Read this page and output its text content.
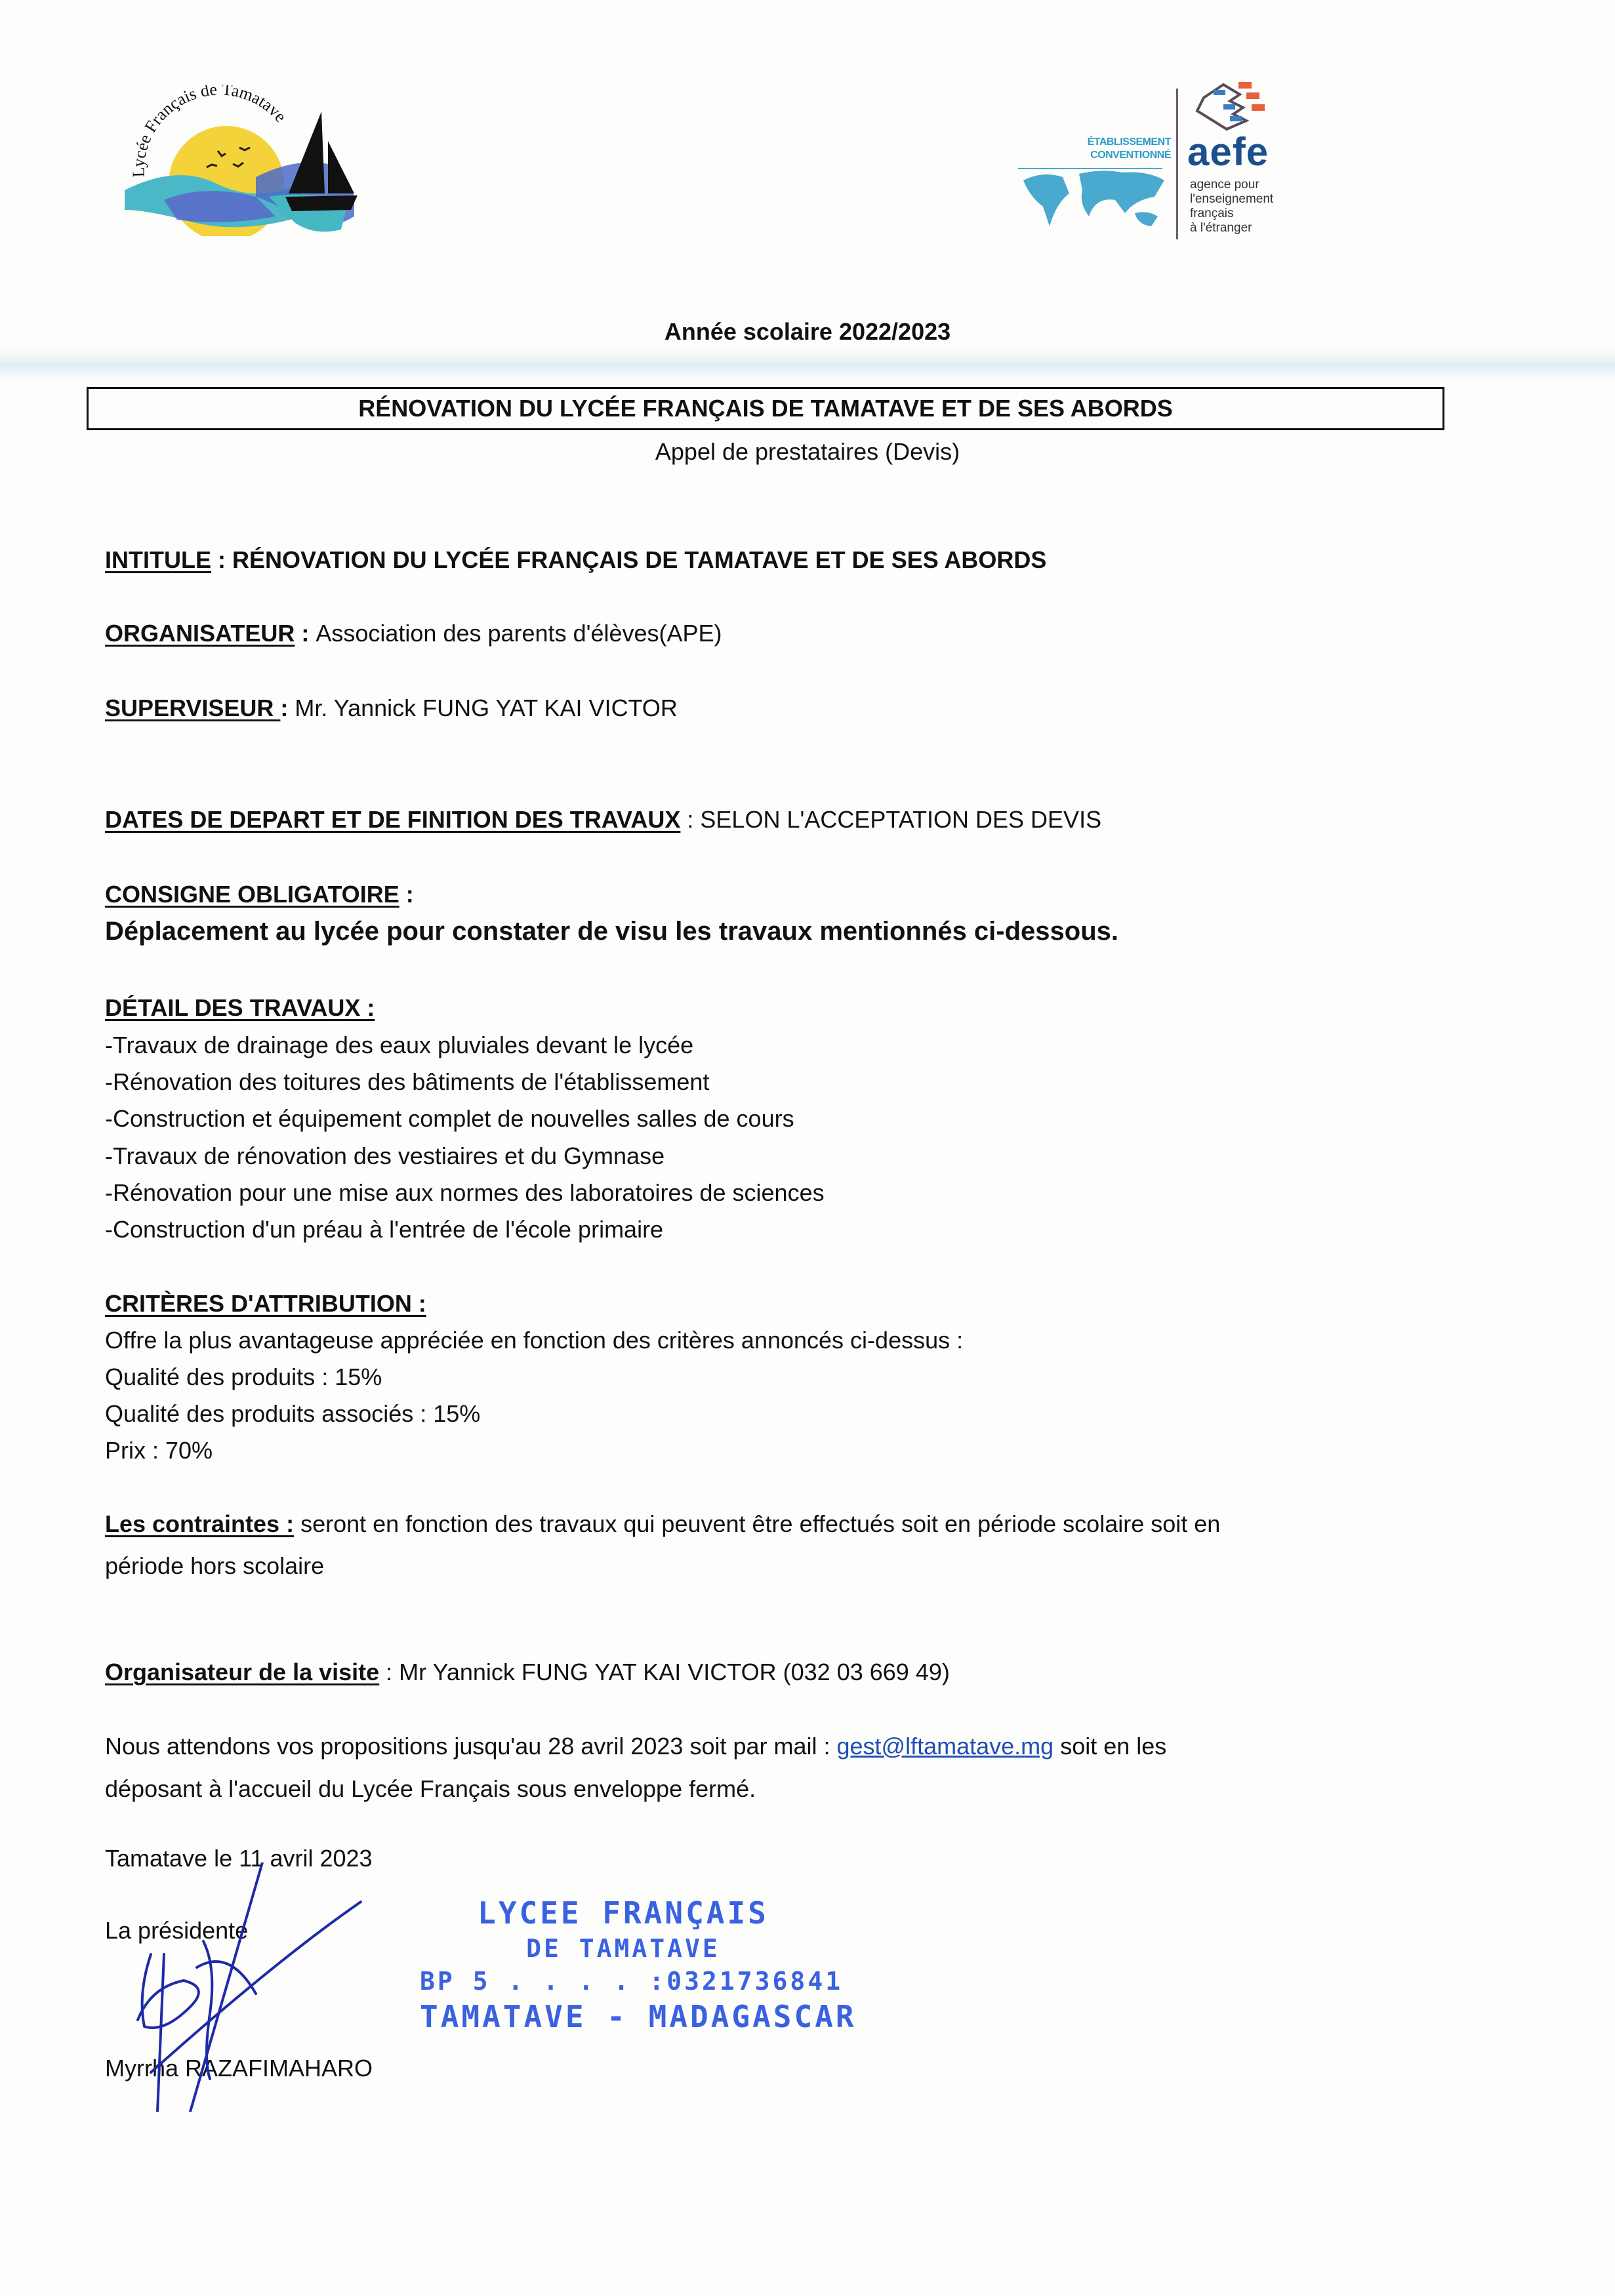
Lycée Français de Tamatave
ÉTABLISSEMENT
CONVENTIONNÉ aefe
agence pour
l'enseignement
français
à l'étranger
Année scolaire 2022/2023
RÉNOVATION DU LYCÉE FRANÇAIS DE TAMATAVE ET DE SES ABORDS
Appel de prestataires (Devis)
INTITULE : RÉNOVATION DU LYCÉE FRANÇAIS DE TAMATAVE ET DE SES ABORDS
ORGANISATEUR : Association des parents d'élèves(APE)
SUPERVISEUR : Mr. Yannick FUNG YAT KAI VICTOR
DATES DE DEPART ET DE FINITION DES TRAVAUX : SELON L'ACCEPTATION DES DEVIS
CONSIGNE OBLIGATOIRE :
Déplacement au lycée pour constater de visu les travaux mentionnés ci-dessous.
DÉTAIL DES TRAVAUX :
-Travaux de drainage des eaux pluviales devant le lycée
-Rénovation des toitures des bâtiments de l'établissement
-Construction et équipement complet de nouvelles salles de cours
-Travaux de rénovation des vestiaires et du Gymnase
-Rénovation pour une mise aux normes des laboratoires de sciences
-Construction d'un préau à l'entrée de l'école primaire
CRITÈRES D'ATTRIBUTION :
Offre la plus avantageuse appréciée en fonction des critères annoncés ci-dessus :
Qualité des produits : 15%
Qualité des produits associés : 15%
Prix : 70%
Les contraintes : seront en fonction des travaux qui peuvent être effectués soit en période scolaire soit en
période hors scolaire
Organisateur de la visite : Mr Yannick FUNG YAT KAI VICTOR (032 03 669 49)
Nous attendons vos propositions jusqu'au 28 avril 2023 soit par mail : gest@lftamatave.mg soit en les
déposant à l'accueil du Lycée Français sous enveloppe fermé.
Tamatave le 11 avril 2023
La présidente
Myrrha RAZAFIMAHARO
LYCEE FRANÇAIS
DE TAMATAVE
BP 5 . . . . :0321736841
TAMATAVE - MADAGASCAR
